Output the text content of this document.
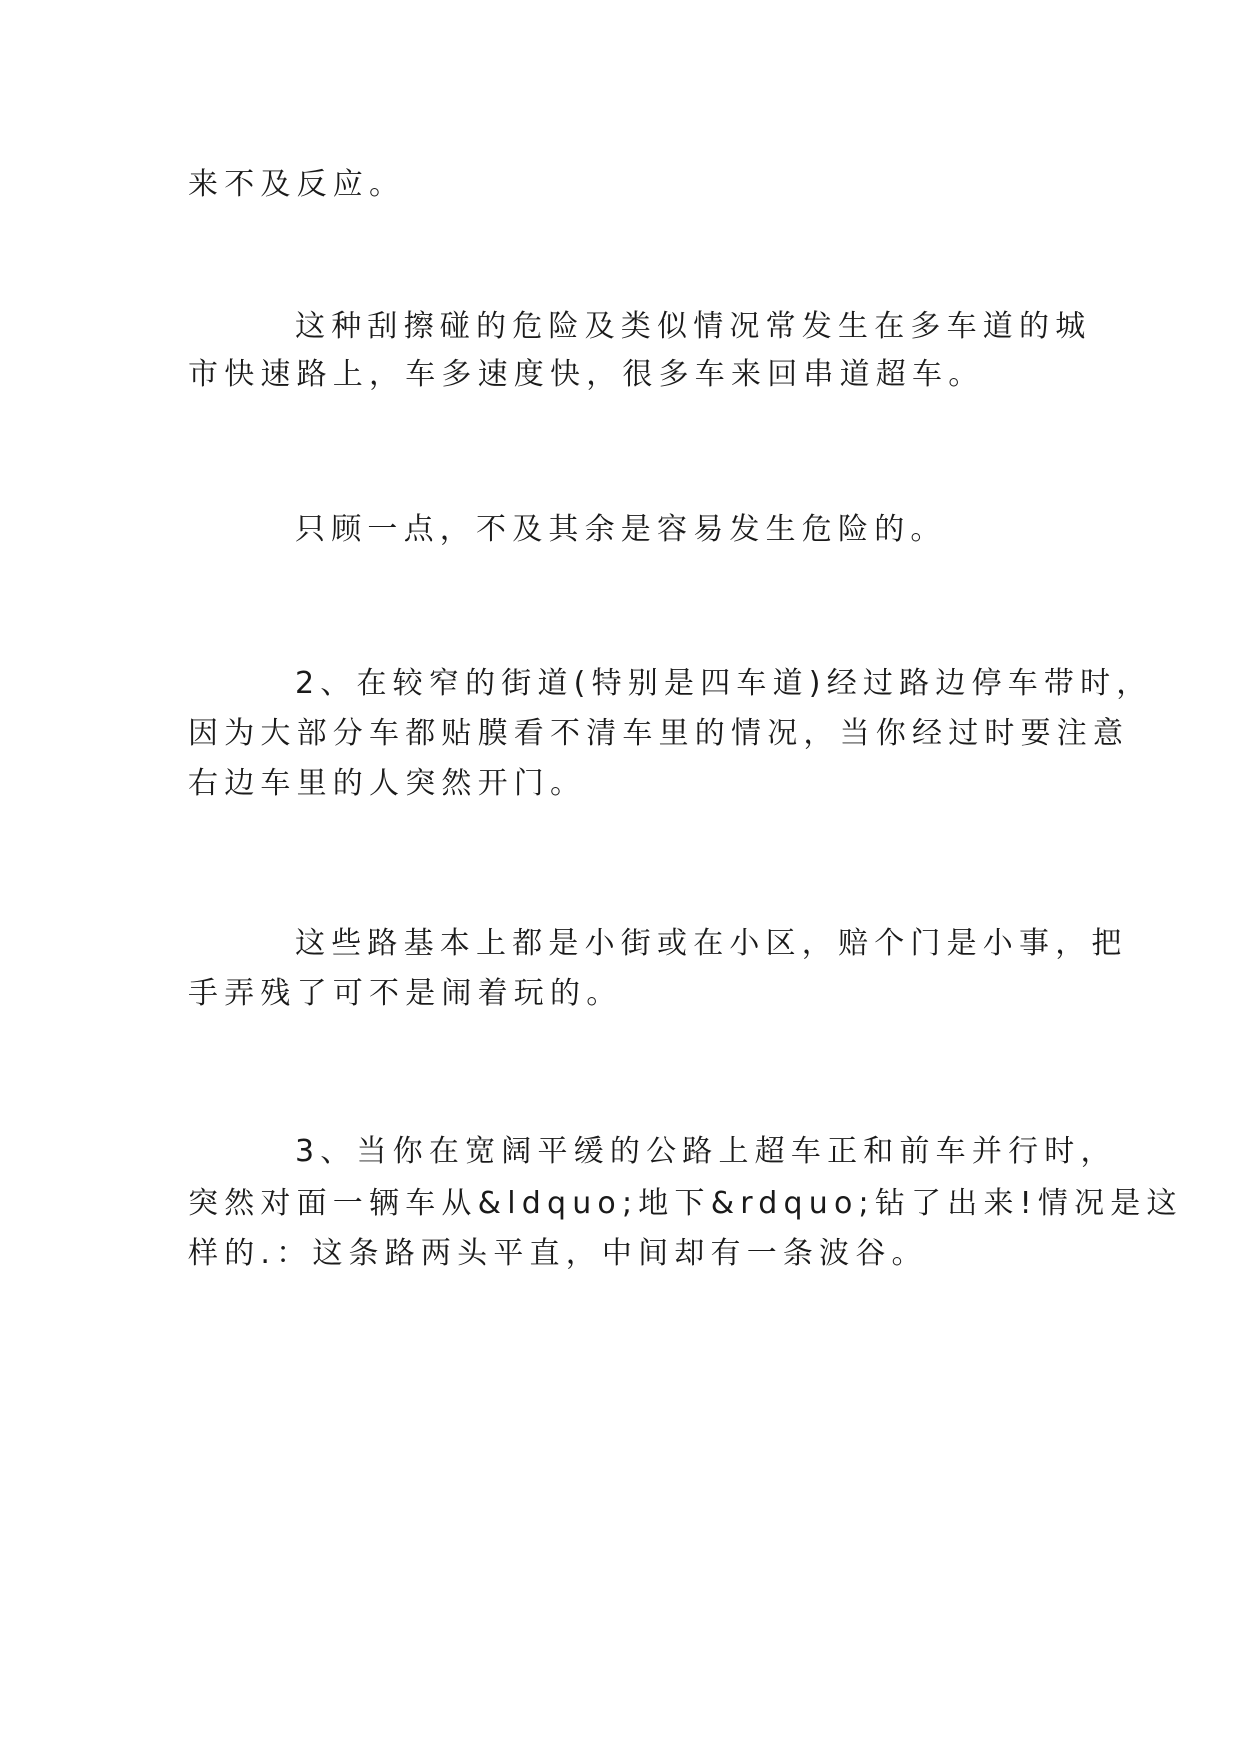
来不及反应。
这种刮擦碰的危险及类似情况常发生在多车道的城
市快速路上，车多速度快，很多车来回串道超车。
只顾一点，不及其余是容易发生危险的。
2、在较窄的街道(特别是四车道)经过路边停车带时，
因为大部分车都贴膜看不清车里的情况，当你经过时要注意
右边车里的人突然开门。
这些路基本上都是小街或在小区，赔个门是小事，把
手弄残了可不是闹着玩的。
3、当你在宽阔平缓的公路上超车正和前车并行时，
突然对面一辆车从&ldquo;地下&rdquo;钻了出来!情况是这
样的.：这条路两头平直，中间却有一条波谷。
